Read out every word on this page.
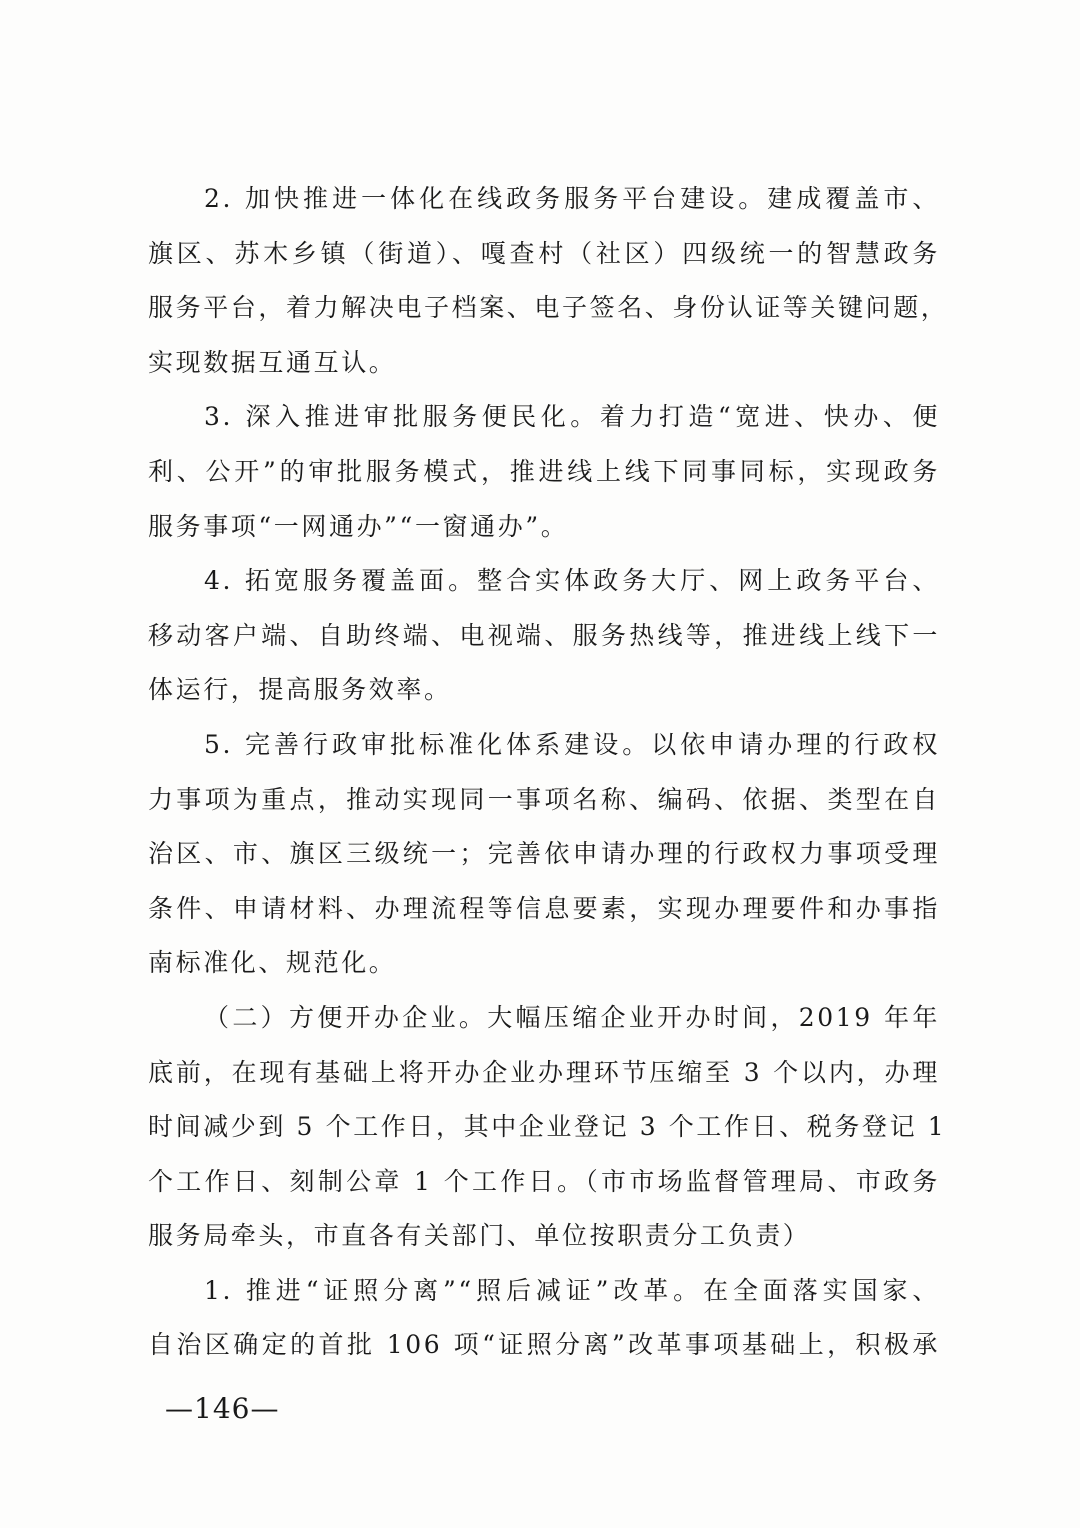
2. 加快推进一体化在线政务服务平台建设。建成覆盖市、
旗区、苏木乡镇（街道）、嘎查村（社区）四级统一的智慧政务
服务平台，着力解决电子档案、电子签名、身份认证等关键问题，
实现数据互通互认。

3. 深入推进审批服务便民化。着力打造“宽进、快办、便
利、公开”的审批服务模式，推进线上线下同事同标，实现政务
服务事项“一网通办”“一窗通办”。

4. 拓宽服务覆盖面。整合实体政务大厅、网上政务平台、
移动客户端、自助终端、电视端、服务热线等，推进线上线下一
体运行，提高服务效率。

5. 完善行政审批标准化体系建设。以依申请办理的行政权
力事项为重点，推动实现同一事项名称、编码、依据、类型在自
治区、市、旗区三级统一；完善依申请办理的行政权力事项受理
条件、申请材料、办理流程等信息要素，实现办理要件和办事指
南标准化、规范化。

（二）方便开办企业。大幅压缩企业开办时间，2019 年年
底前，在现有基础上将开办企业办理环节压缩至 3 个以内，办理
时间减少到 5 个工作日，其中企业登记 3 个工作日、税务登记 1
个工作日、刻制公章 1 个工作日。（市市场监督管理局、市政务
服务局牵头，市直各有关部门、单位按职责分工负责）

1. 推进“证照分离”“照后减证”改革。在全面落实国家、
自治区确定的首批 106 项“证照分离”改革事项基础上，积极承

—146—
